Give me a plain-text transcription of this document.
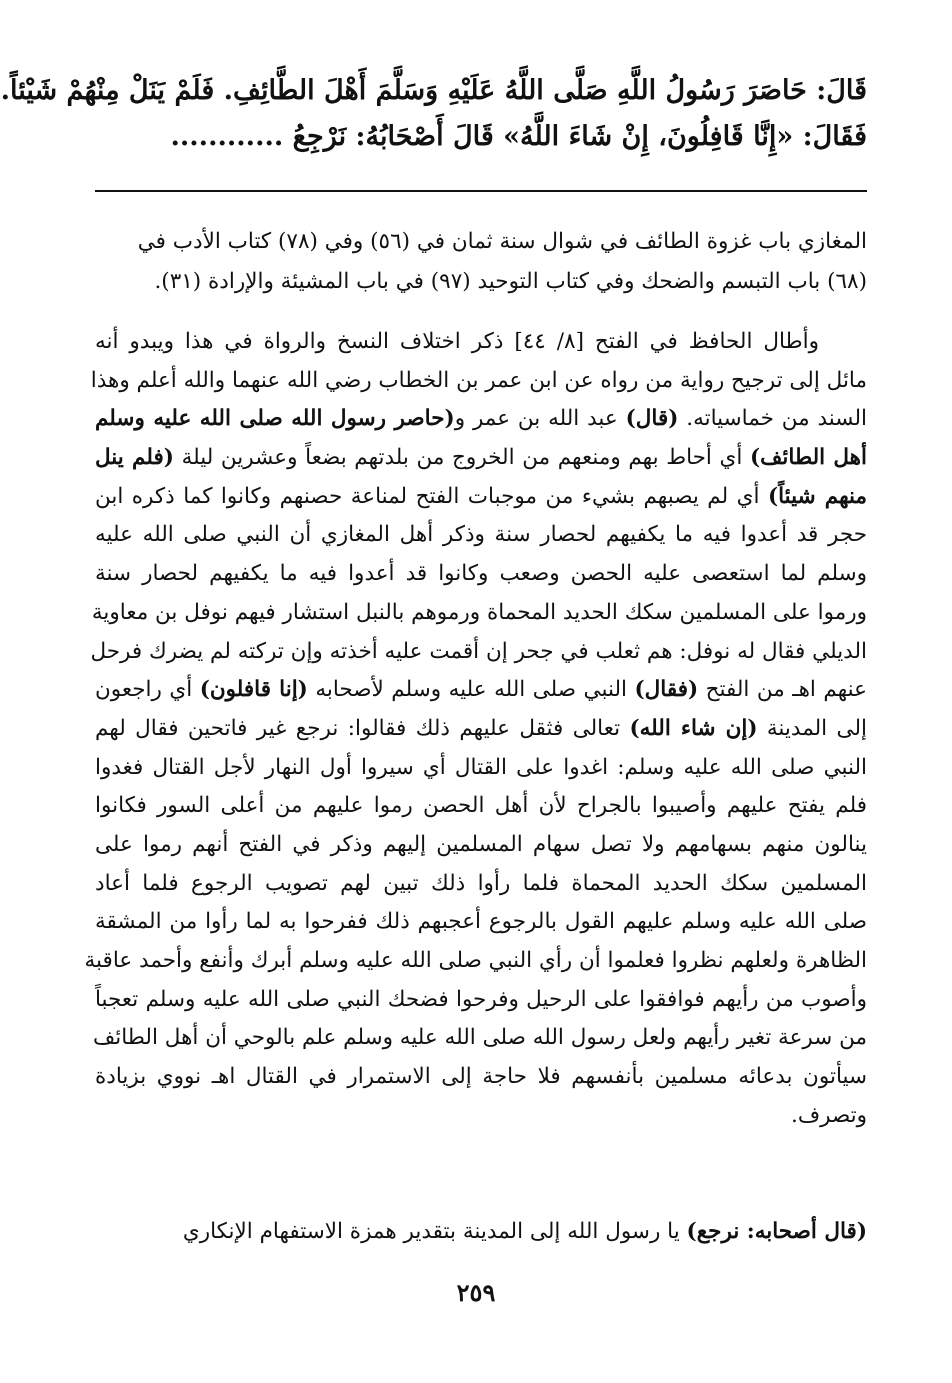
قَالَ: حَاصَرَ رَسُولُ اللَّهِ صَلَّى اللَّهُ عَلَيْهِ وَسَلَّمَ أَهْلَ الطَّائِفِ. فَلَمْ يَنَلْ مِنْهُمْ شَيْئاً.
فَقَالَ: «إِنَّا قَافِلُونَ، إِنْ شَاءَ اللَّهُ» قَالَ أَصْحَابُهُ: نَرْجِعُ ............
المغازي باب غزوة الطائف في شوال سنة ثمان في (٥٦) وفي (٧٨) كتاب الأدب في
(٦٨) باب التبسم والضحك وفي كتاب التوحيد (٩٧) في باب المشيئة والإرادة (٣١).
وأطال الحافظ في الفتح [٨/ ٤٤] ذكر اختلاف النسخ والرواة في هذا ويبدو أنه
مائل إلى ترجيح رواية من رواه عن ابن عمر بن الخطاب رضي الله عنهما والله أعلم وهذا
السند من خماسياته. (قال) عبد الله بن عمر و(حاصر رسول الله صلى الله عليه وسلم
أهل الطائف) أي أحاط بهم ومنعهم من الخروج من بلدتهم بضعاً وعشرين ليلة (فلم ينل
منهم شيئاً) أي لم يصبهم بشيء من موجبات الفتح لمناعة حصنهم وكانوا كما ذكره ابن
حجر قد أعدوا فيه ما يكفيهم لحصار سنة وذكر أهل المغازي أن النبي صلى الله عليه
وسلم لما استعصى عليه الحصن وصعب وكانوا قد أعدوا فيه ما يكفيهم لحصار سنة
ورموا على المسلمين سكك الحديد المحماة ورموهم بالنبل استشار فيهم نوفل بن معاوية
الديلي فقال له نوفل: هم ثعلب في جحر إن أقمت عليه أخذته وإن تركته لم يضرك فرحل
عنهم اهـ من الفتح (فقال) النبي صلى الله عليه وسلم لأصحابه (إنا قافلون) أي راجعون
إلى المدينة (إن شاء الله) تعالى فثقل عليهم ذلك فقالوا: نرجع غير فاتحين فقال لهم
النبي صلى الله عليه وسلم: اغدوا على القتال أي سيروا أول النهار لأجل القتال فغدوا
فلم يفتح عليهم وأصيبوا بالجراح لأن أهل الحصن رموا عليهم من أعلى السور فكانوا
ينالون منهم بسهامهم ولا تصل سهام المسلمين إليهم وذكر في الفتح أنهم رموا على
المسلمين سكك الحديد المحماة فلما رأوا ذلك تبين لهم تصويب الرجوع فلما أعاد
صلى الله عليه وسلم عليهم القول بالرجوع أعجبهم ذلك ففرحوا به لما رأوا من المشقة
الظاهرة ولعلهم نظروا فعلموا أن رأي النبي صلى الله عليه وسلم أبرك وأنفع وأحمد عاقبة
وأصوب من رأيهم فوافقوا على الرحيل وفرحوا فضحك النبي صلى الله عليه وسلم تعجباً
من سرعة تغير رأيهم ولعل رسول الله صلى الله عليه وسلم علم بالوحي أن أهل الطائف
سيأتون بدعائه مسلمين بأنفسهم فلا حاجة إلى الاستمرار في القتال اهـ نووي بزيادة
وتصرف.
(قال أصحابه: نرجع) يا رسول الله إلى المدينة بتقدير همزة الاستفهام الإنكاري
٢٥٩
